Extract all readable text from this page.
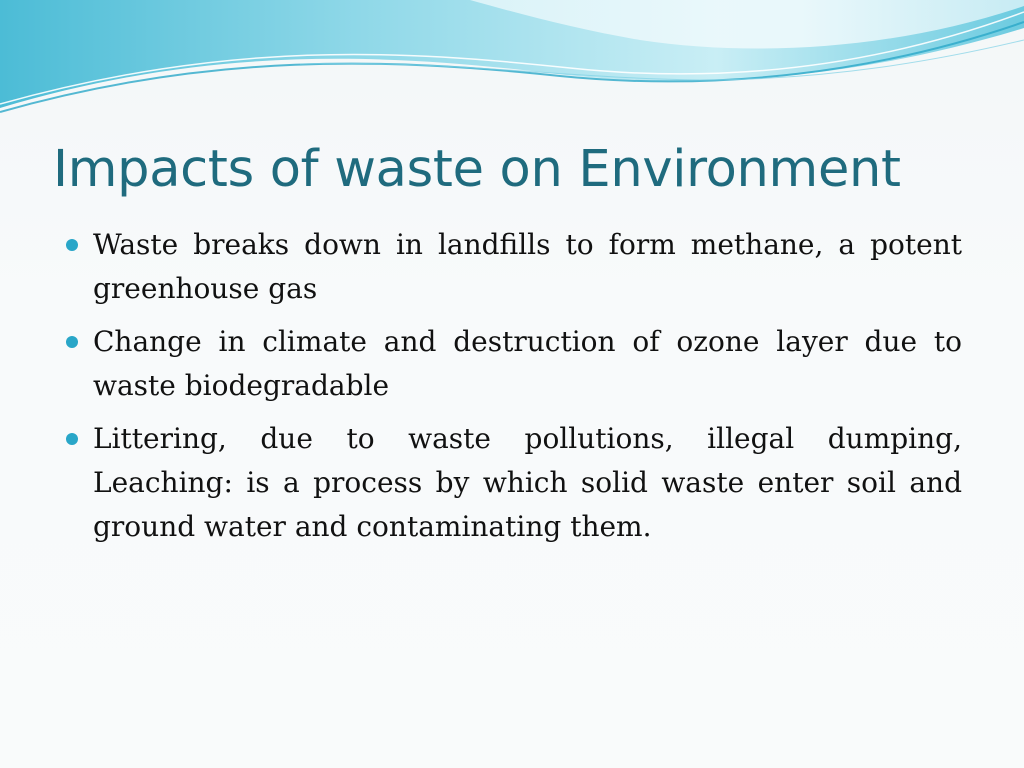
Impacts of waste on Environment
Waste breaks down in landfills to form methane, a potent greenhouse gas
Change in climate and destruction of ozone layer due to waste biodegradable
Littering, due to waste pollutions, illegal dumping, Leaching: is a process by which solid waste enter soil and ground water and contaminating them.
